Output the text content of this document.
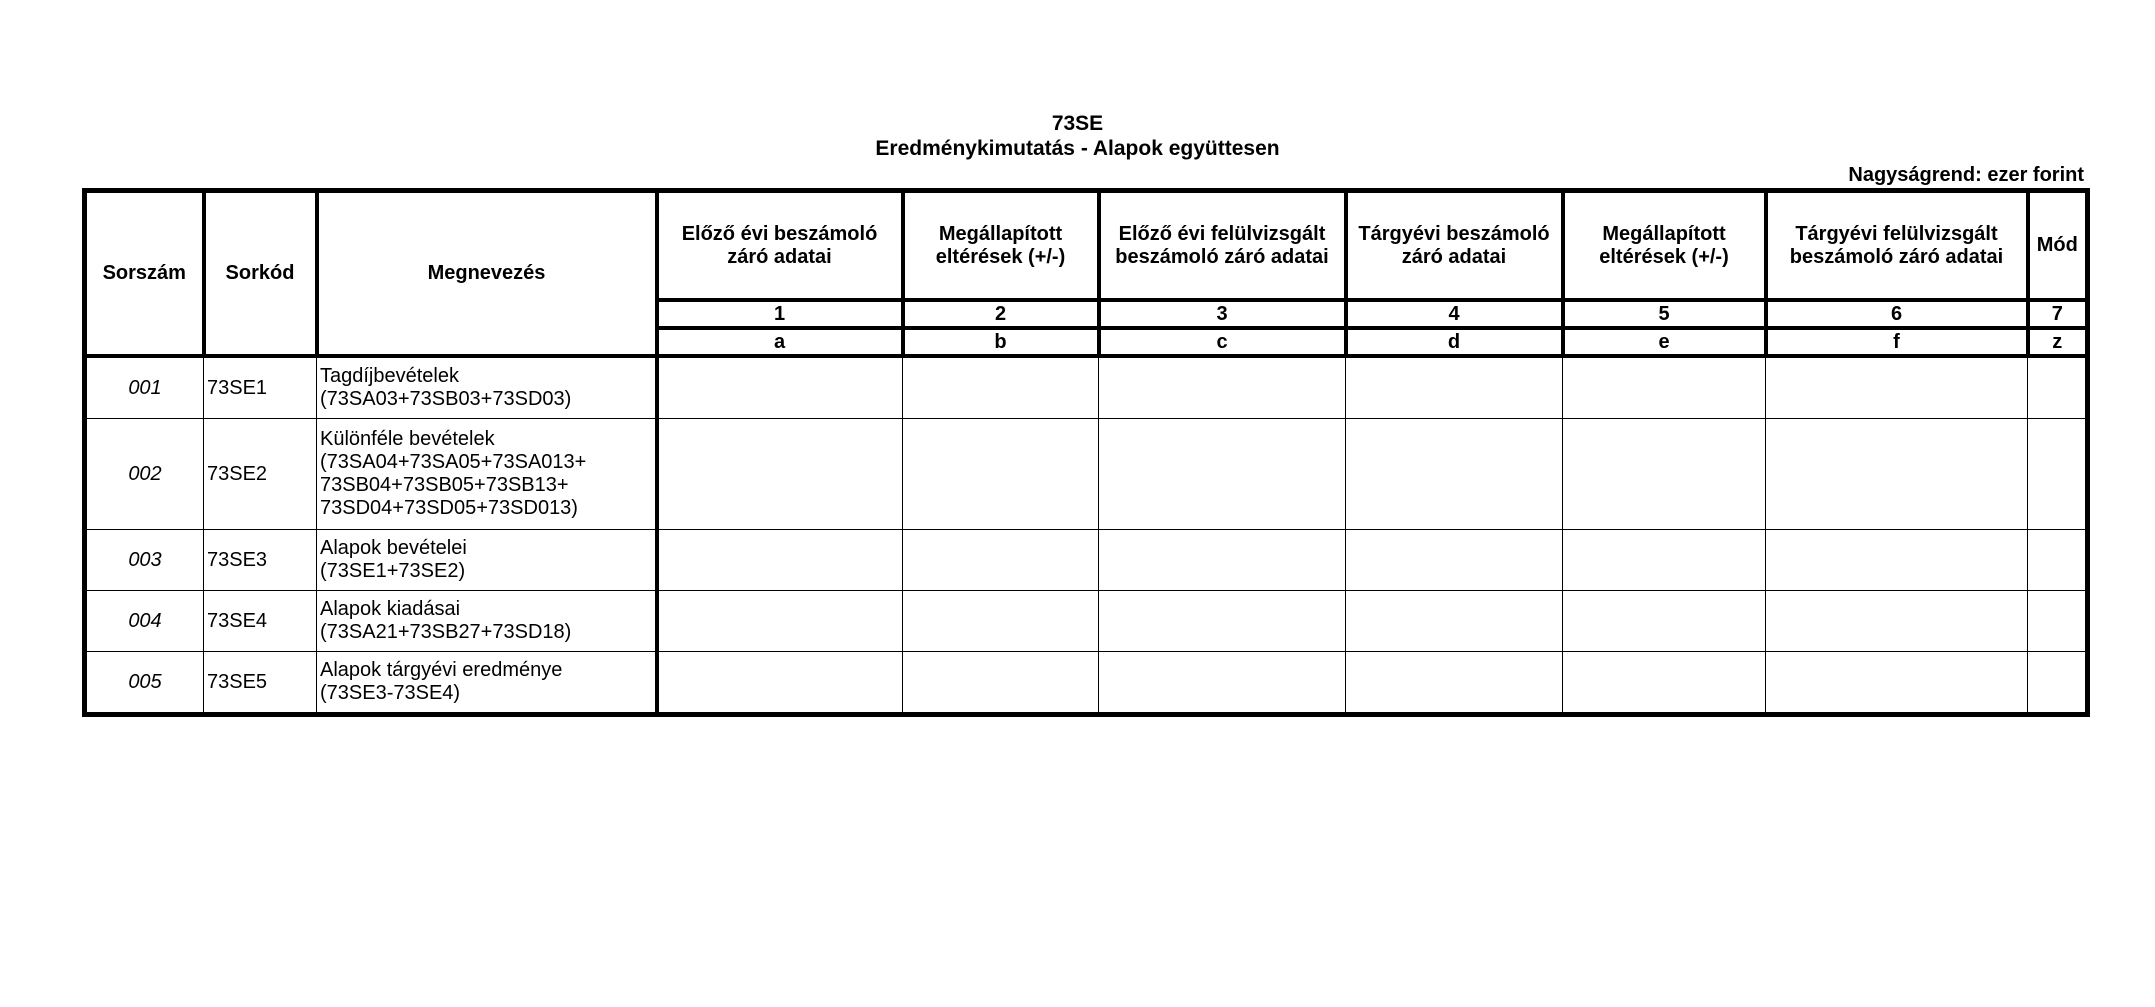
73SE
Eredménykimutatás - Alapok együttesen
Nagyságrend: ezer forint
Sorszám	Sorkód	Megnevezés	Előző évi beszámoló záró adatai	Megállapított eltérések (+/-)	Előző évi felülvizsgált beszámoló záró adatai	Tárgyévi beszámoló záró adatai	Megállapított eltérések (+/-)	Tárgyévi felülvizsgált beszámoló záró adatai	Mód
			1	2	3	4	5	6	7
			a	b	c	d	e	f	z
001	73SE1	Tagdíjbevételek
(73SA03+73SB03+73SD03)							
002	73SE2	Különféle bevételek
(73SA04+73SA05+73SA013+
73SB04+73SB05+73SB13+
73SD04+73SD05+73SD013)							
003	73SE3	Alapok bevételei
(73SE1+73SE2)							
004	73SE4	Alapok kiadásai
(73SA21+73SB27+73SD18)							
005	73SE5	Alapok tárgyévi eredménye
(73SE3-73SE4)							
